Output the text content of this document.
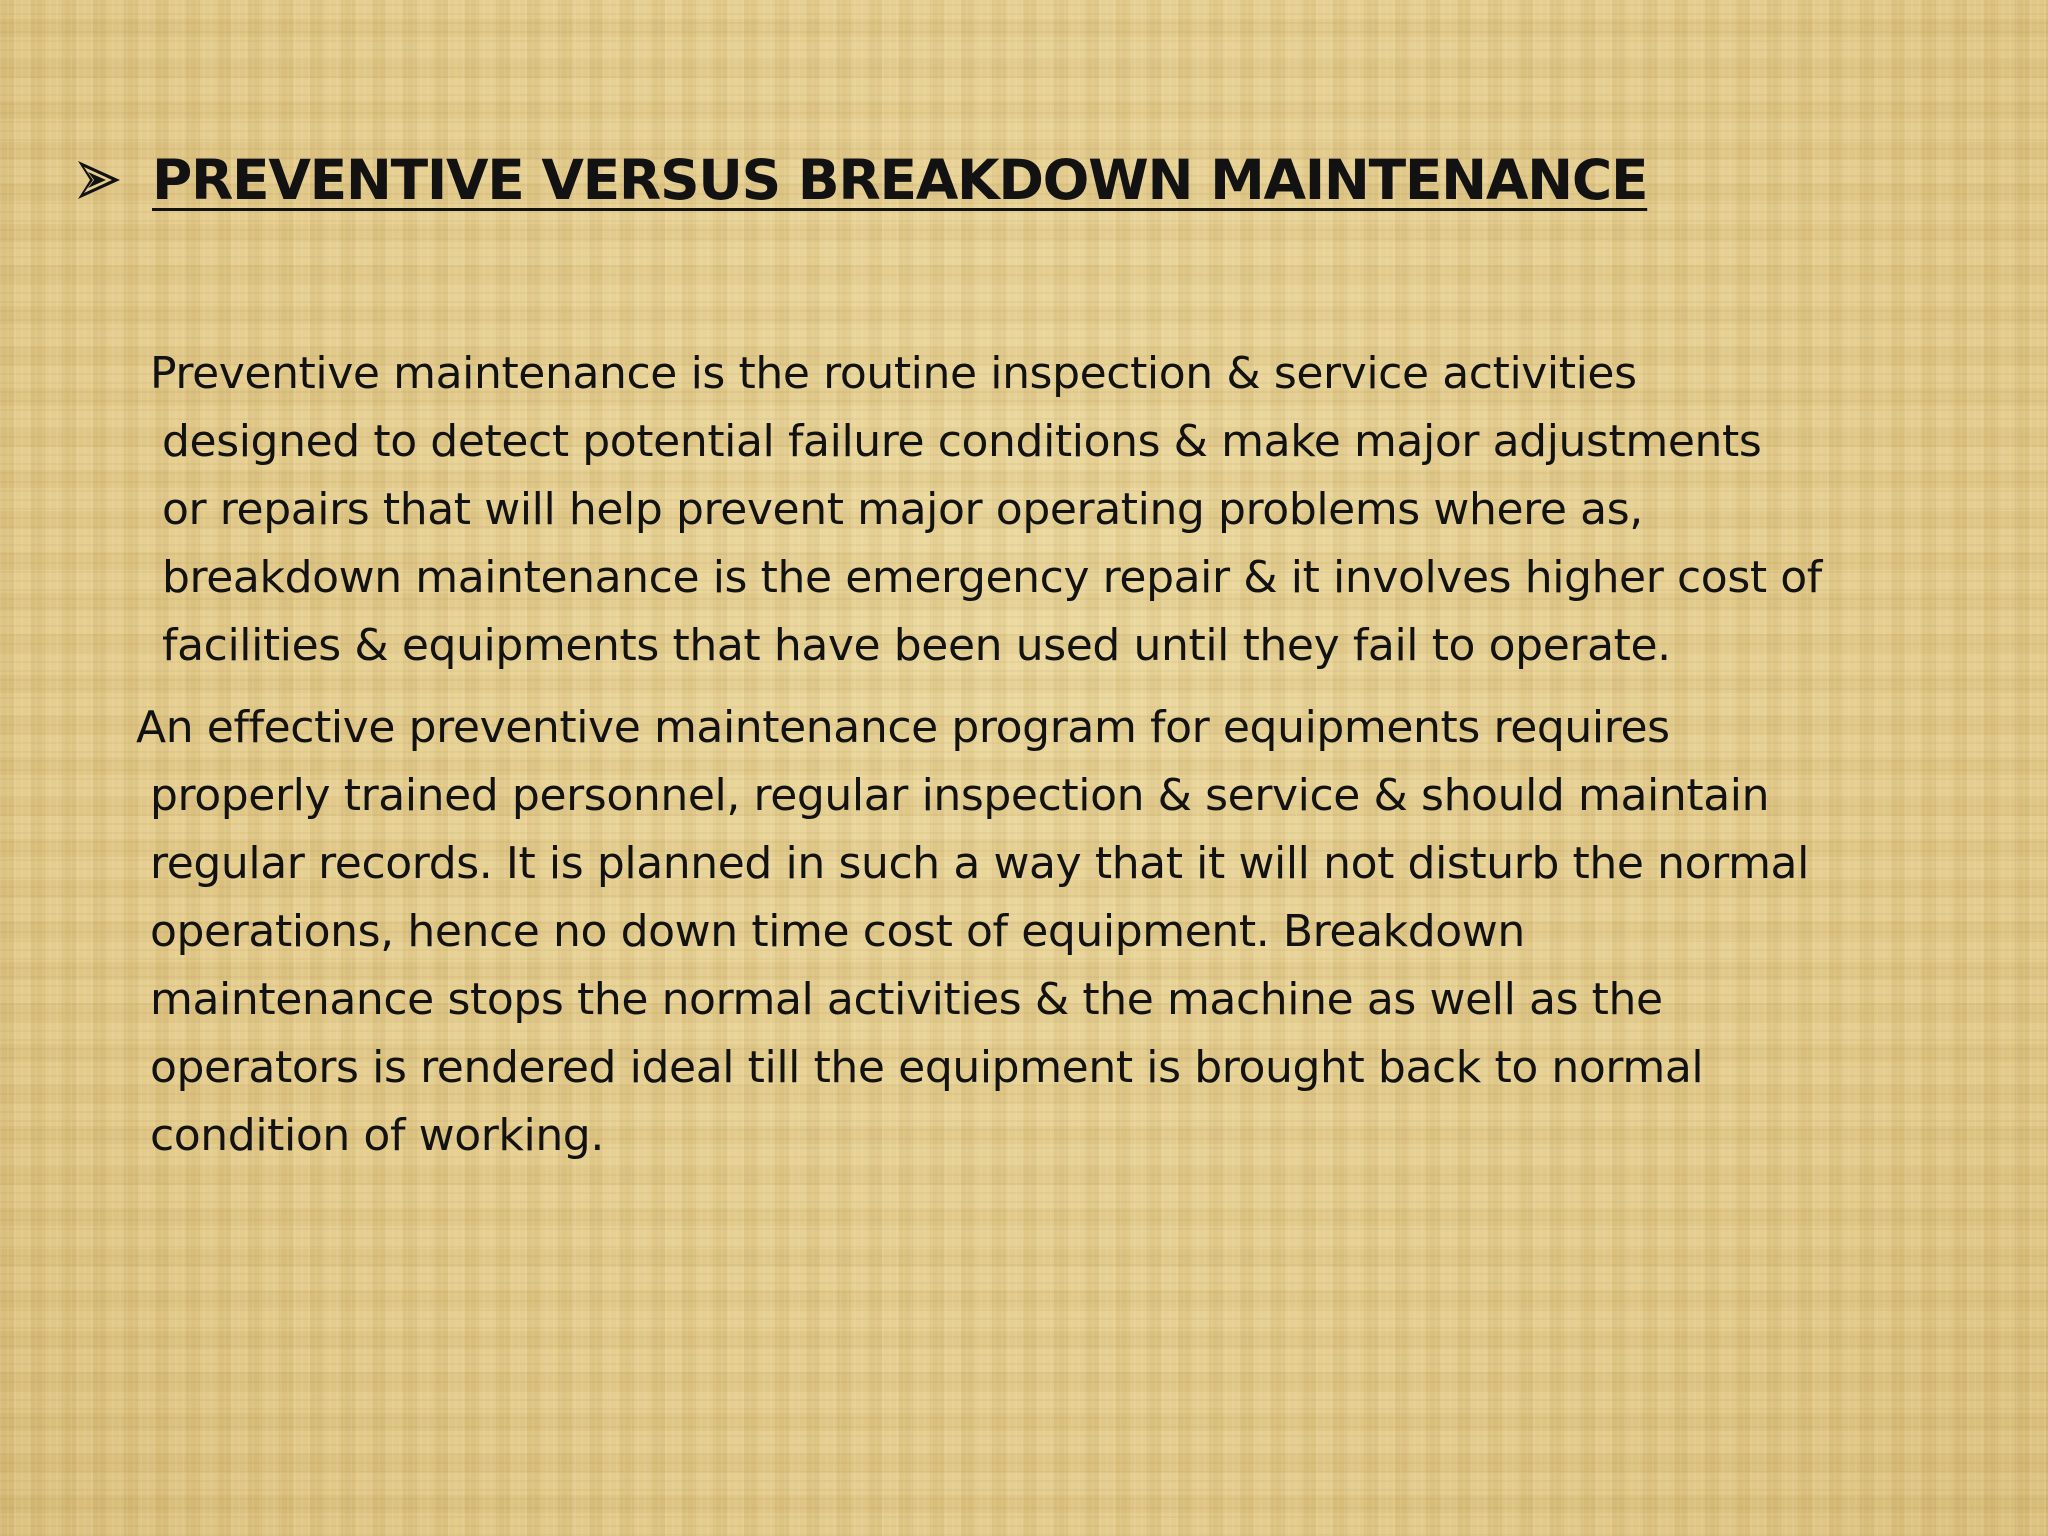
PREVENTIVE VERSUS BREAKDOWN MAINTENANCE
Preventive maintenance is the routine inspection & service activities
designed to detect potential failure conditions & make major adjustments
or repairs that will help prevent major operating problems where as,
breakdown maintenance is the emergency repair & it involves higher cost of
facilities & equipments that have been used until they fail to operate.
An effective preventive maintenance program for equipments requires
properly trained personnel, regular inspection & service & should maintain
regular records. It is planned in such a way that it will not disturb the normal
operations, hence no down time cost of equipment. Breakdown
maintenance stops the normal activities & the machine as well as the
operators is rendered ideal till the equipment is brought back to normal
condition of working.
